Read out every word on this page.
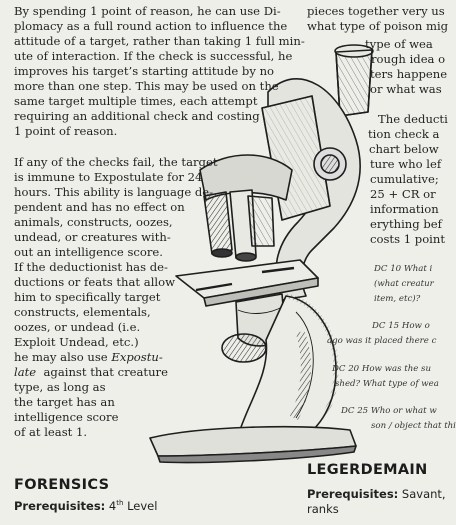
By spending 1 point of reason, he can use Di-
plomacy as a full round action to influence the
attitude of a target, rather than taking 1 full min-
ute of interaction. If the check is successful, he
improves his target’s starting attitude by no
more than one step. This may be used on the
same target multiple times, each attempt
requiring an additional check and costing
1 point of reason.
If any of the checks fail, the target
is immune to Expostulate for 24
hours. This ability is language de-
pendent and has no effect on
animals, constructs, oozes,
undead, or creatures with-
out an intelligence score.
If the deductionist has de-
ductions or feats that allow
him to specifically target
constructs, elementals,
oozes, or undead (i.e.
Exploit Undead, etc.)
he may also use Expostu-
late  against that creature
type, as long as
the target has an
intelligence score
of at least 1.
FORENSICS
Prerequisites: 4th Level
pieces together very us
what type of poison mig
type of wea
rough idea o
ters happene
or what was
The deducti
tion check a
chart below
ture who lef
cumulative;
25 + CR or
information
erything bef
costs 1 point
DC 10 What i
(what creatur
item, etc)?
DC 15 How o
ago was it placed there c
DC 20 How was the su
shed? What type of wea
DC 25 Who or what w
son / object that thi
LEGERDEMAIN
Prerequisites: Savant,
ranks
